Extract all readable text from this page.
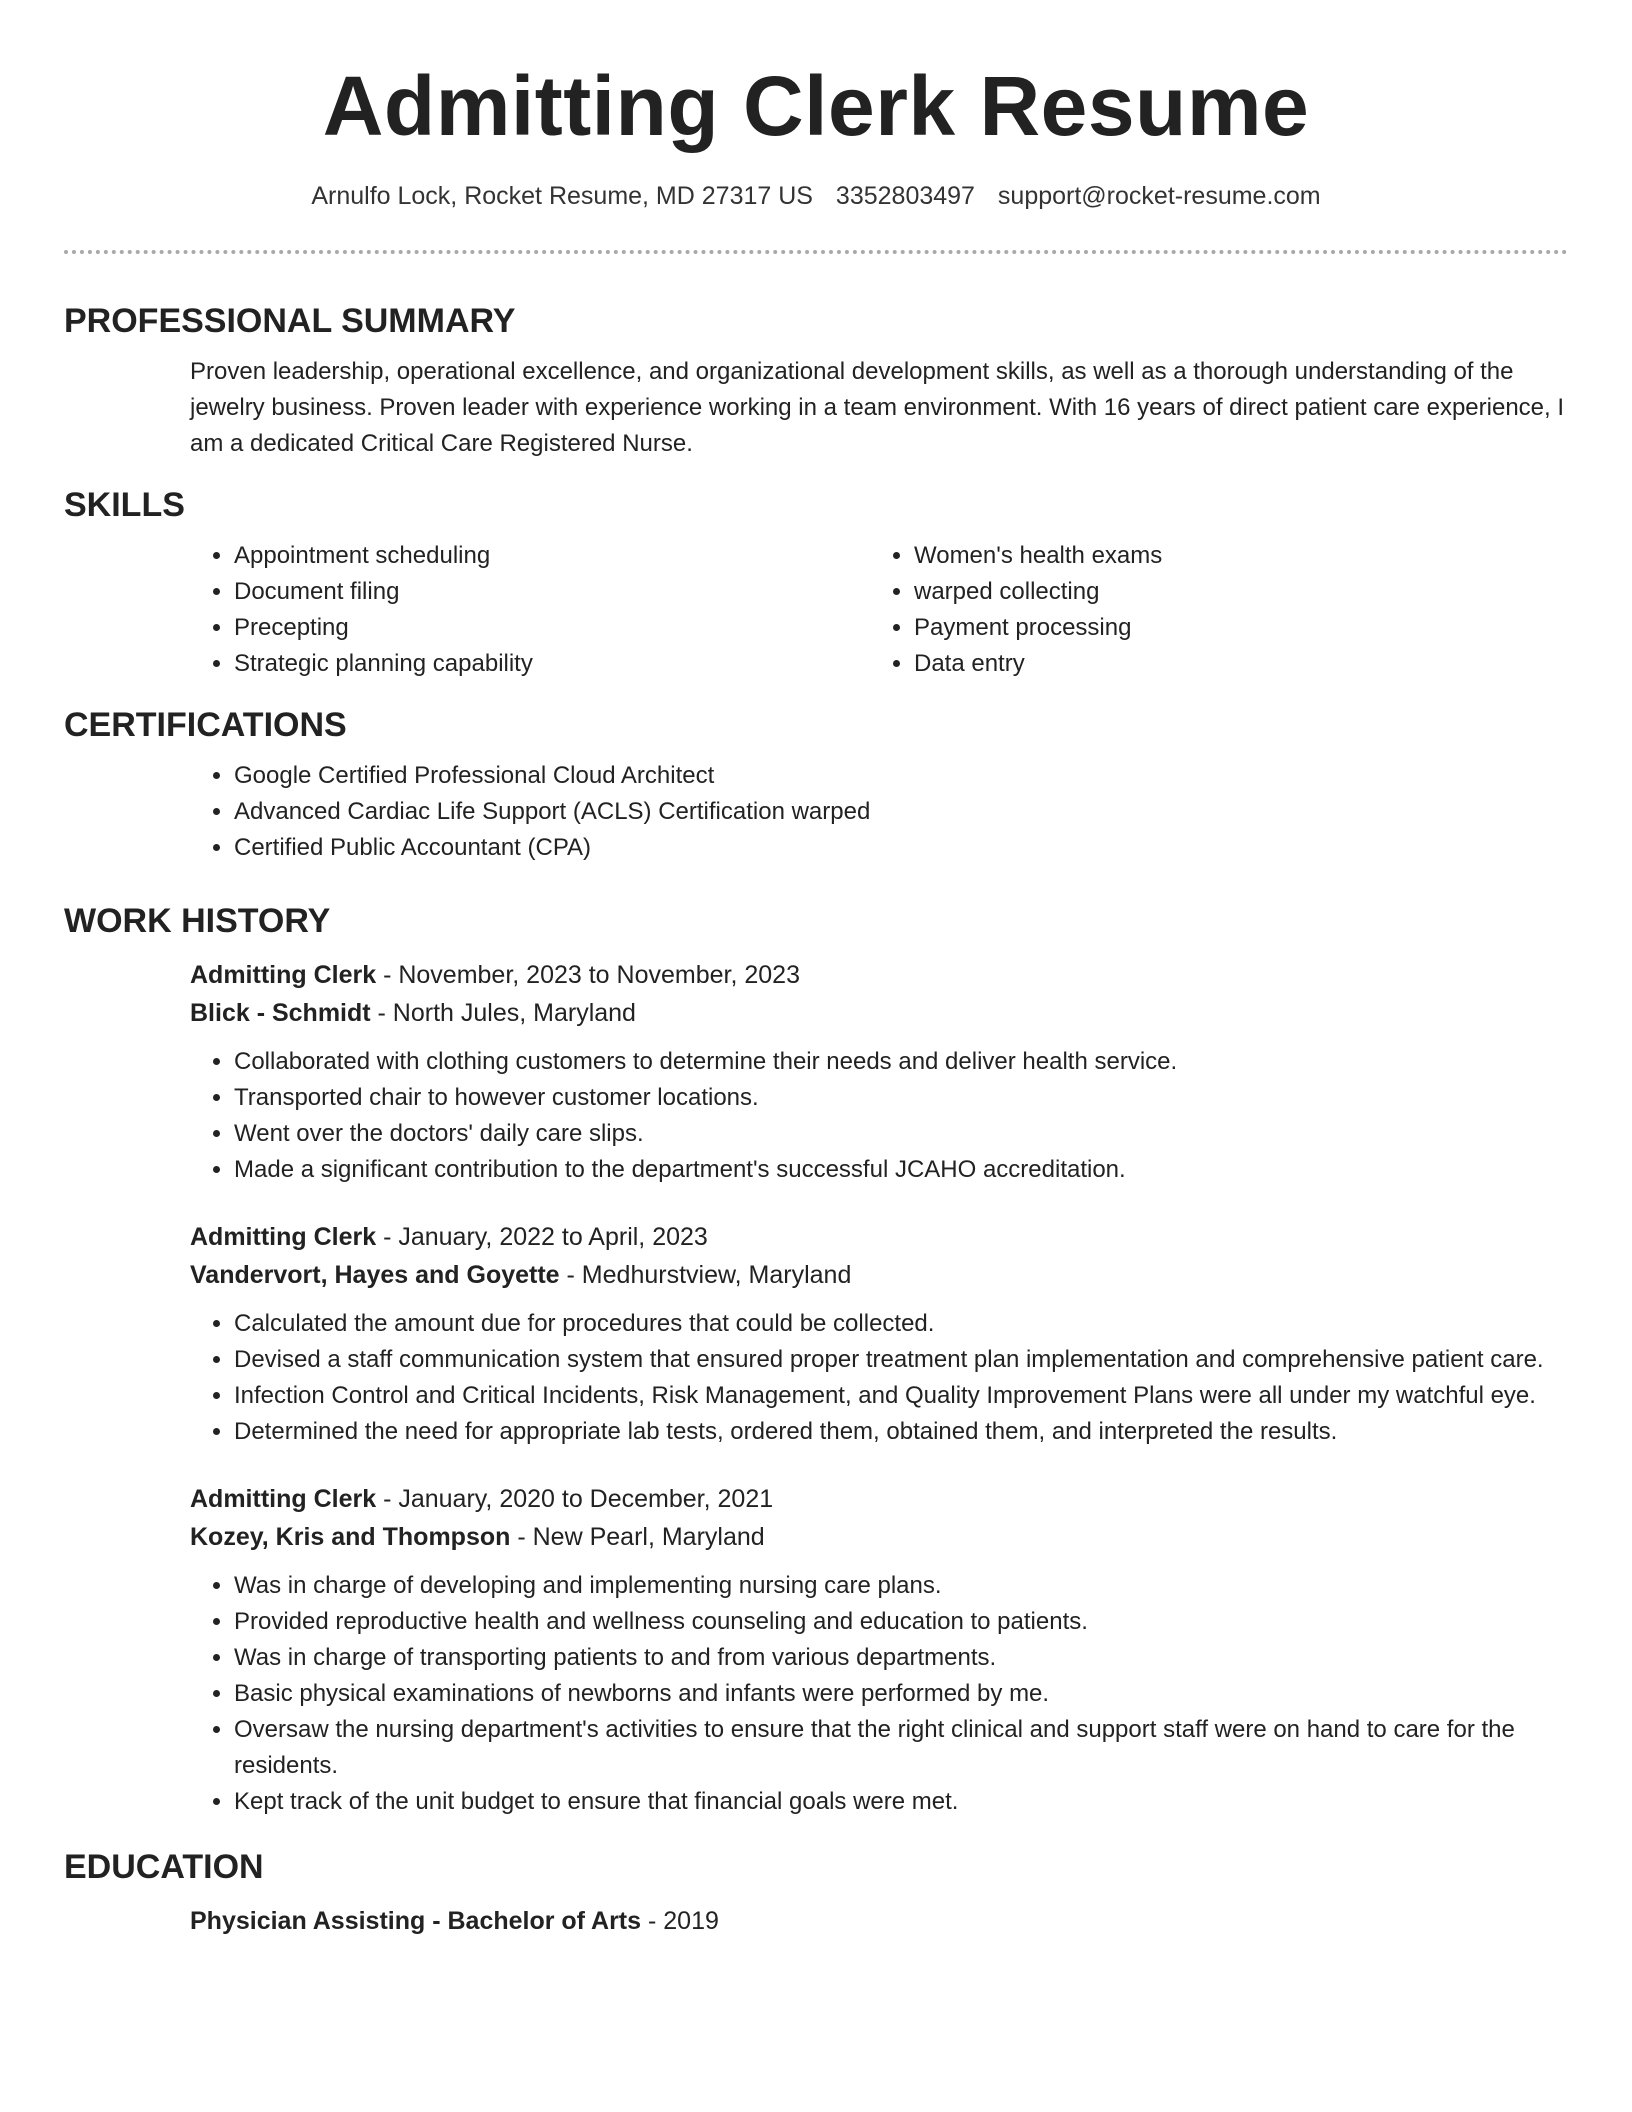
Admitting Clerk Resume
Arnulfo Lock, Rocket Resume, MD 27317 US 3352803497 support@rocket-resume.com
PROFESSIONAL SUMMARY

Proven leadership, operational excellence, and organizational development skills, as well as a thorough understanding of the jewelry business. Proven leader with experience working in a team environment. With 16 years of direct patient care experience, I am a dedicated Critical Care Registered Nurse.

SKILLS
• Appointment scheduling
• Document filing
• Precepting
• Strategic planning capability
• Women's health exams
• warped collecting
• Payment processing
• Data entry
CERTIFICATIONS
• Google Certified Professional Cloud Architect
• Advanced Cardiac Life Support (ACLS) Certification warped
• Certified Public Accountant (CPA)
WORK HISTORY
Admitting Clerk - November, 2023 to November, 2023
Blick - Schmidt - North Jules, Maryland
• Collaborated with clothing customers to determine their needs and deliver health service.
• Transported chair to however customer locations.
• Went over the doctors' daily care slips.
• Made a significant contribution to the department's successful JCAHO accreditation.
Admitting Clerk - January, 2022 to April, 2023
Vandervort, Hayes and Goyette - Medhurstview, Maryland
• Calculated the amount due for procedures that could be collected.
• Devised a staff communication system that ensured proper treatment plan implementation and comprehensive patient care.
• Infection Control and Critical Incidents, Risk Management, and Quality Improvement Plans were all under my watchful eye.
• Determined the need for appropriate lab tests, ordered them, obtained them, and interpreted the results.
Admitting Clerk - January, 2020 to December, 2021
Kozey, Kris and Thompson - New Pearl, Maryland
• Was in charge of developing and implementing nursing care plans.
• Provided reproductive health and wellness counseling and education to patients.
• Was in charge of transporting patients to and from various departments.
• Basic physical examinations of newborns and infants were performed by me.
• Oversaw the nursing department's activities to ensure that the right clinical and support staff were on hand to care for the residents.
• Kept track of the unit budget to ensure that financial goals were met.
EDUCATION
Physician Assisting - Bachelor of Arts - 2019
